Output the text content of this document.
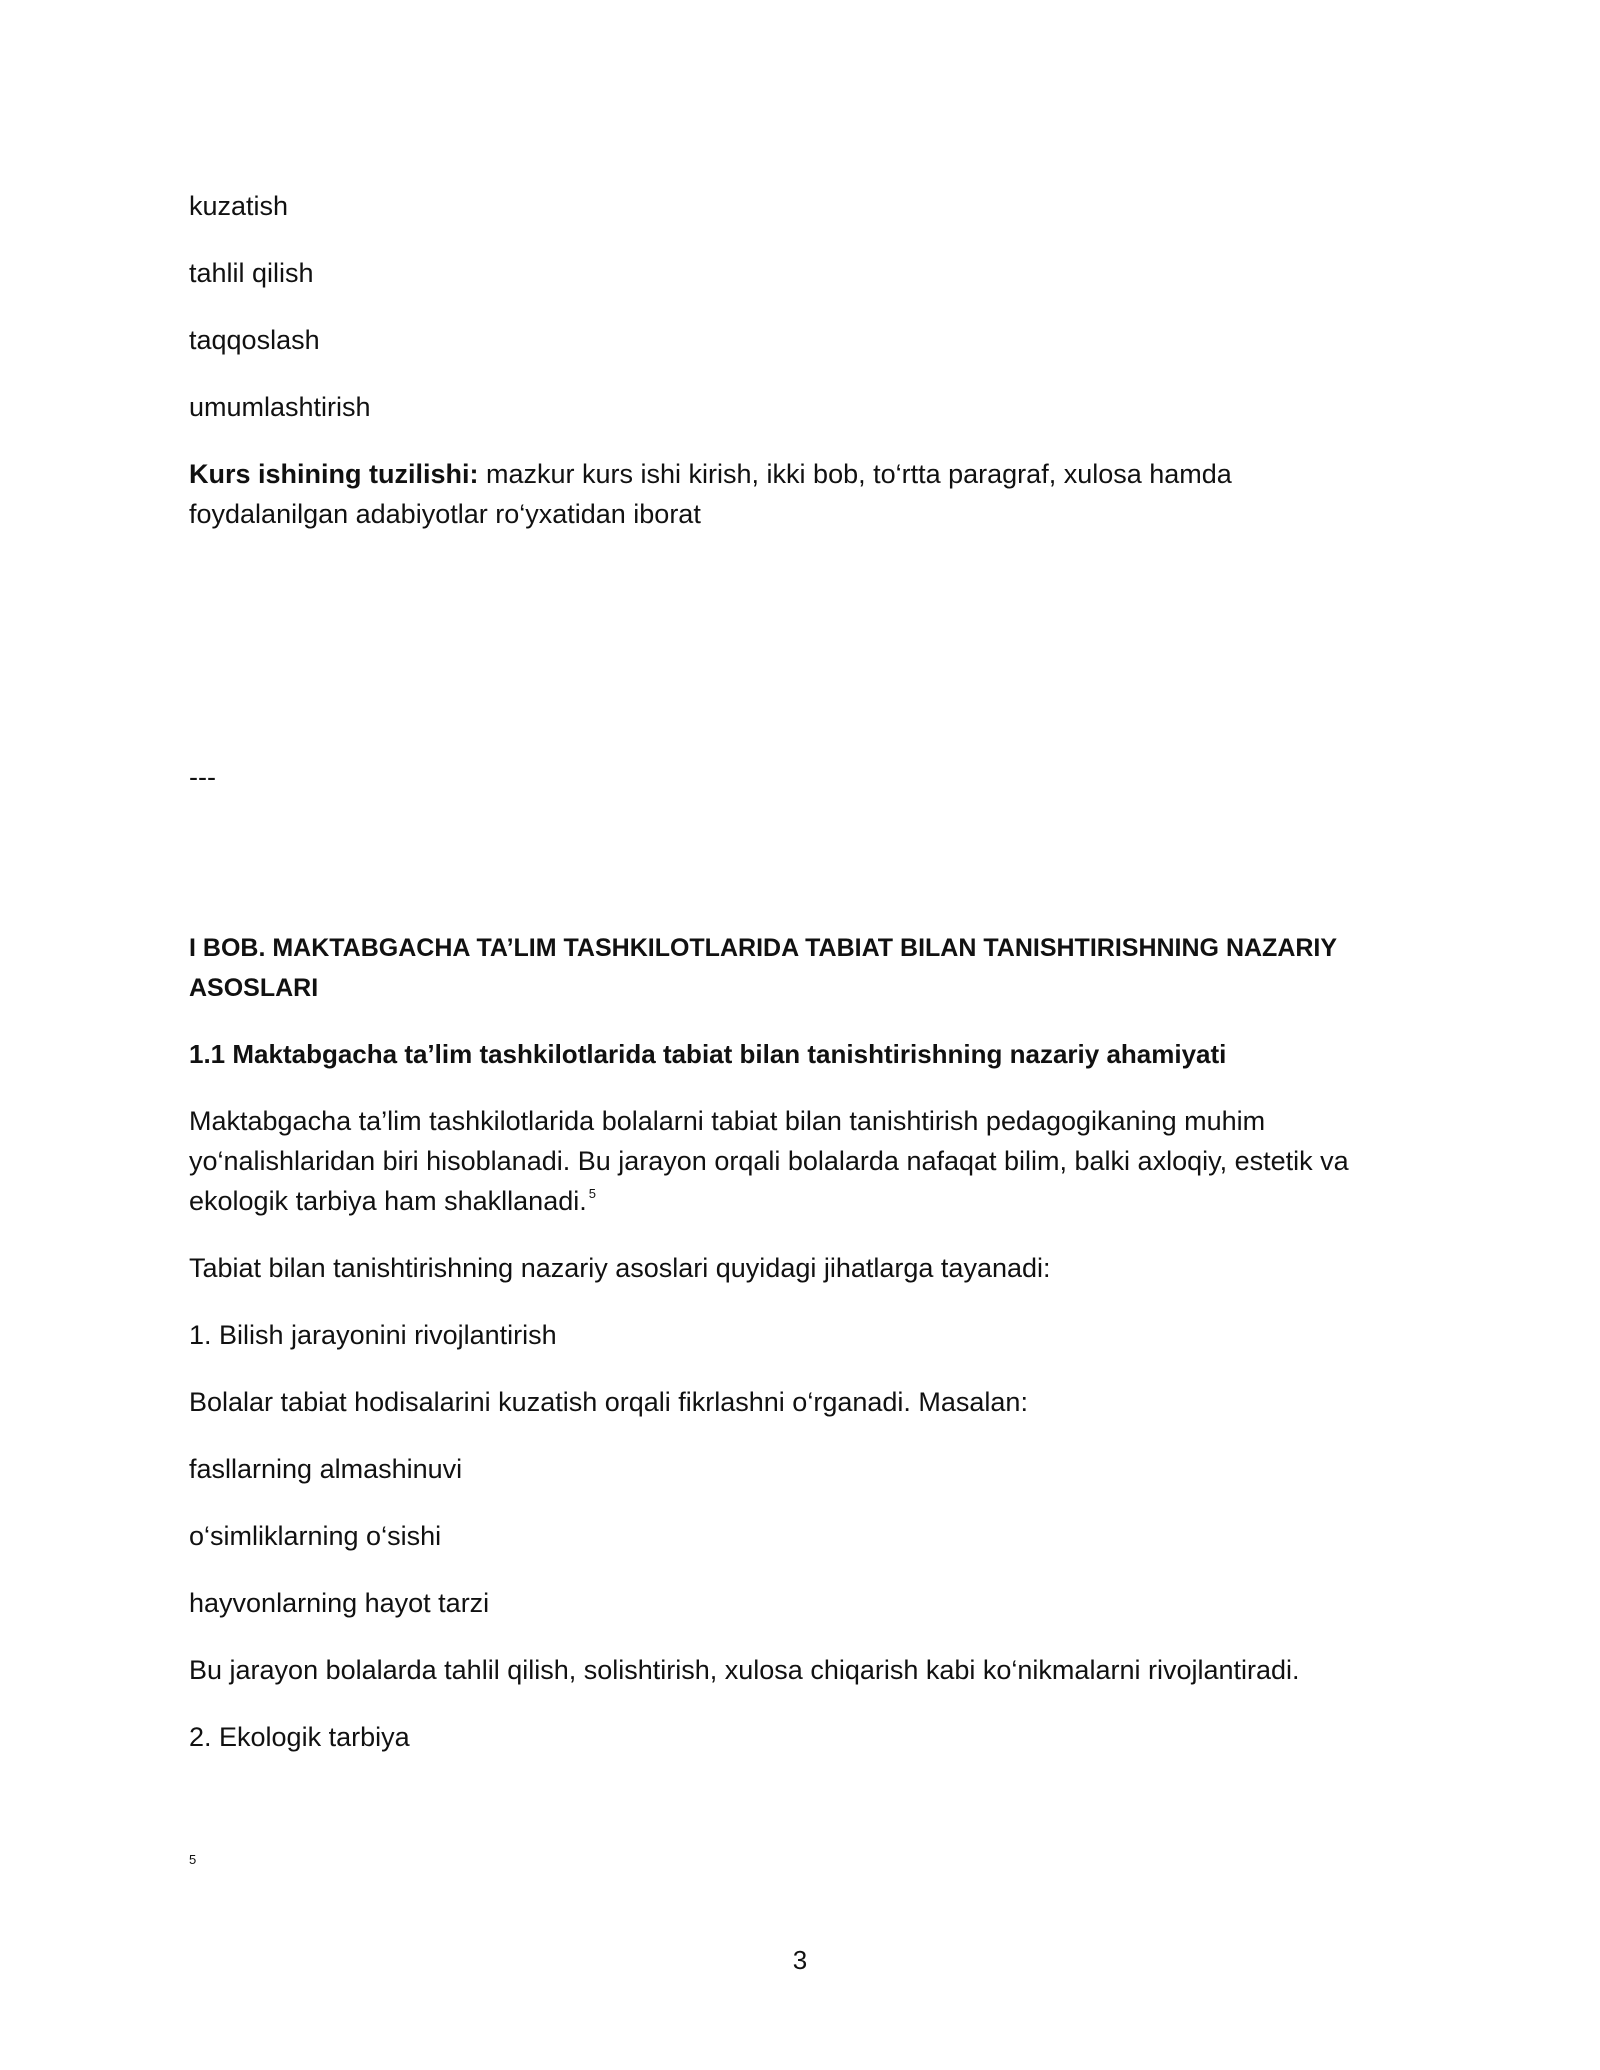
kuzatish

tahlil qilish

taqqoslash

umumlashtirish

Kurs ishining tuzilishi: mazkur kurs ishi kirish, ikki bob, to‘rtta paragraf, xulosa hamda foydalanilgan adabiyotlar ro‘yxatidan iborat

---

I BOB. MAKTABGACHA TA’LIM TASHKILOTLARIDA TABIAT BILAN TANISHTIRISHNING NAZARIY ASOSLARI

1.1 Maktabgacha ta’lim tashkilotlarida tabiat bilan tanishtirishning nazariy ahamiyati

Maktabgacha ta’lim tashkilotlarida bolalarni tabiat bilan tanishtirish pedagogikaning muhim yo‘nalishlaridan biri hisoblanadi. Bu jarayon orqali bolalarda nafaqat bilim, balki axloqiy, estetik va ekologik tarbiya ham shakllanadi. $^5$

Tabiat bilan tanishtirishning nazariy asoslari quyidagi jihatlarga tayanadi:

1. Bilish jarayonini rivojlantirish

Bolalar tabiat hodisalarini kuzatish orqali fikrlashni o‘rganadi. Masalan:

fasllarning almashinuvi

o‘simliklarning o‘sishi

hayvonlarning hayot tarzi

Bu jarayon bolalarda tahlil qilish, solishtirish, xulosa chiqarish kabi ko‘nikmalarni rivojlantiradi.

2. Ekologik tarbiya

5
3
